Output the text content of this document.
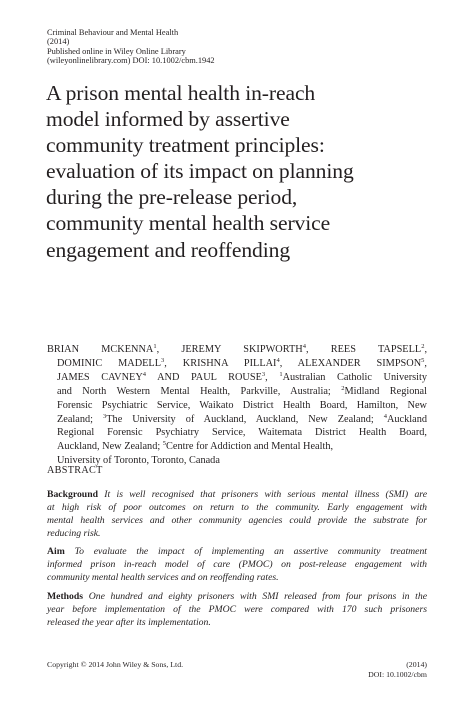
Criminal Behaviour and Mental Health
(2014)
Published online in Wiley Online Library
(wileyonlinelibrary.com) DOI: 10.1002/cbm.1942
A prison mental health in-reach
model informed by assertive
community treatment principles:
evaluation of its impact on planning
during the pre-release period,
community mental health service
engagement and reoffending
BRIAN MCKENNA$^1$, JEREMY SKIPWORTH$^4$, REES TAPSELL$^2$,
DOMINIC MADELL$^3$, KRISHNA PILLAI$^4$, ALEXANDER SIMPSON$^5$,
JAMES CAVNEY$^4$ AND PAUL ROUSE$^3$, $^1$Australian Catholic University
and North Western Mental Health, Parkville, Australia; $^2$Midland Regional
Forensic Psychiatric Service, Waikato District Health Board, Hamilton, New
Zealand; $^3$The University of Auckland, Auckland, New Zealand; $^4$Auckland
Regional Forensic Psychiatry Service, Waitemata District Health Board,
Auckland, New Zealand; $^5$Centre for Addiction and Mental Health,
University of Toronto, Toronto, Canada
ABSTRACT
Background It is well recognised that prisoners with serious mental illness (SMI) are
at high risk of poor outcomes on return to the community. Early engagement with
mental health services and other community agencies could provide the substrate for
reducing risk.
Aim To evaluate the impact of implementing an assertive community treatment
informed prison in-reach model of care (PMOC) on post-release engagement with
community mental health services and on reoffending rates.
Methods One hundred and eighty prisoners with SMI released from four prisons in the
year before implementation of the PMOC were compared with 170 such prisoners
released the year after its implementation.
Copyright © 2014 John Wiley & Sons, Ltd.	(2014)
DOI: 10.1002/cbm
